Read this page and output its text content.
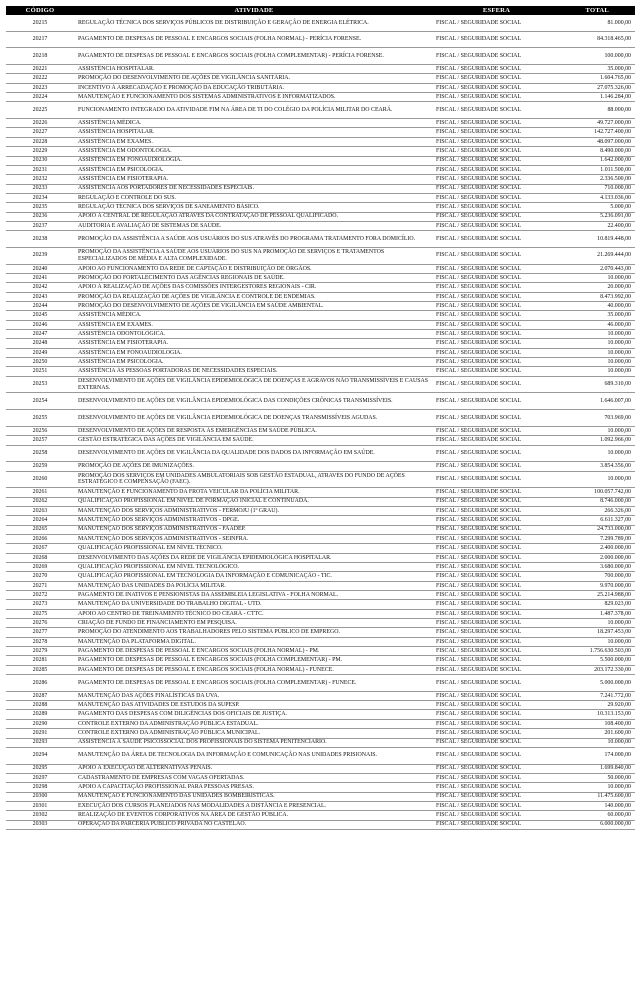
CÓDIGO	ATIVIDADE	ESFERA	TOTAL
20215	REGULAÇÃO TÉCNICA DOS SERVIÇOS PÚBLICOS DE DISTRIBUIÇÃO E GERAÇÃO DE ENERGIA ELÉTRICA.	FISCAL / SEGURIDADE SOCIAL	81.000,00
20217	PAGAMENTO DE DESPESAS DE PESSOAL E ENCARGOS SOCIAIS (FOLHA NORMAL) - PERÍCIA FORENSE.	FISCAL / SEGURIDADE SOCIAL	84.318.465,00
20218	PAGAMENTO DE DESPESAS DE PESSOAL E ENCARGOS SOCIAIS (FOLHA COMPLEMENTAR) - PERÍCIA FORENSE.	FISCAL / SEGURIDADE SOCIAL	100.000,00
20221	ASSISTÊNCIA HOSPITALAR.	FISCAL / SEGURIDADE SOCIAL	35.000,00
20222	PROMOÇÃO DO DESENVOLVIMENTO DE AÇÕES DE VIGILÂNCIA SANITÁRIA.	FISCAL / SEGURIDADE SOCIAL	1.604.765,00
20223	INCENTIVO À ARRECADAÇÃO E PROMOÇÃO DA EDUCAÇÃO TRIBUTÁRIA.	FISCAL / SEGURIDADE SOCIAL	27.075.326,00
20224	MANUTENÇÃO E FUNCIONAMENTO DOS SISTEMAS ADMINISTRATIVOS E INFORMATIZADOS.	FISCAL / SEGURIDADE SOCIAL	1.146.284,00
20225	FUNCIONAMENTO INTEGRADO DA ATIVIDADE FIM NA ÁREA DE TI DO COLÉGIO DA POLÍCIA MILITAR DO CEARÁ.	FISCAL / SEGURIDADE SOCIAL	88.000,00
20226	ASSISTÊNCIA MÉDICA.	FISCAL / SEGURIDADE SOCIAL	49.727.000,00
20227	ASSISTÊNCIA HOSPITALAR.	FISCAL / SEGURIDADE SOCIAL	142.727.400,00
20228	ASSISTÊNCIA EM EXAMES.	FISCAL / SEGURIDADE SOCIAL	48.097.000,00
20229	ASSISTÊNCIA EM ODONTOLOGIA.	FISCAL / SEGURIDADE SOCIAL	8.490.000,00
20230	ASSISTÊNCIA EM FONOAUDIOLOGIA.	FISCAL / SEGURIDADE SOCIAL	1.642.000,00
20231	ASSISTÊNCIA EM PSICOLOGIA.	FISCAL / SEGURIDADE SOCIAL	1.011.500,00
20232	ASSISTÊNCIA EM FISIOTERAPIA.	FISCAL / SEGURIDADE SOCIAL	2.336.500,00
20233	ASSISTÊNCIA AOS PORTADORES DE NECESSIDADES ESPECIAIS.	FISCAL / SEGURIDADE SOCIAL	710.000,00
20234	REGULAÇÃO E CONTROLE DO SUS.	FISCAL / SEGURIDADE SOCIAL	4.133.036,00
20235	REGULAÇÃO TÉCNICA DOS SERVIÇOS DE SANEAMENTO BÁSICO.	FISCAL / SEGURIDADE SOCIAL	5.000,00
20236	APOIO À CENTRAL DE REGULAÇÃO ATRAVÉS DA CONTRATAÇÃO DE PESSOAL QUALIFICADO.	FISCAL / SEGURIDADE SOCIAL	5.236.091,00
20237	AUDITORIA E AVALIAÇÃO DE SISTEMAS DE SAÚDE.	FISCAL / SEGURIDADE SOCIAL	22.400,00
20238	PROMOÇÃO DA ASSISTÊNCIA A SAÚDE AOS USUÁRIOS DO SUS ATRAVÉS DO PROGRAMA TRATAMENTO FORA DOMICÍLIO.	FISCAL / SEGURIDADE SOCIAL	10.819.448,00
20239	PROMOÇÃO DA ASSISTÊNCIA A SAÚDE AOS USUÁRIOS DO SUS NA PROMOÇÃO DE SERVIÇOS E TRATAMENTOS ESPECIALIZADOS DE MÉDIA E ALTA COMPLEXIDADE.	FISCAL / SEGURIDADE SOCIAL	21.269.444,00
20240	APOIO AO FUNCIONAMENTO DA REDE DE CAPTAÇÃO E DISTRIBUIÇÃO DE ÓRGÃOS.	FISCAL / SEGURIDADE SOCIAL	2.070.443,00
20241	PROMOÇÃO DO FORTALECIMENTO DAS AGÊNCIAS REGIONAIS DE SAÚDE.	FISCAL / SEGURIDADE SOCIAL	10.000,00
20242	APOIO À REALIZAÇÃO DE AÇÕES DAS COMISSÕES INTERGESTORES REGIONAIS - CIR.	FISCAL / SEGURIDADE SOCIAL	20.000,00
20243	PROMOÇÃO DA REALIZAÇÃO DE AÇÕES DE VIGILÂNCIA E CONTROLE DE ENDEMIAS.	FISCAL / SEGURIDADE SOCIAL	8.473.992,00
20244	PROMOÇÃO DO DESENVOLVIMENTO DE AÇÕES DE VIGILÂNCIA EM SAÚDE AMBIENTAL.	FISCAL / SEGURIDADE SOCIAL	40.000,00
20245	ASSISTÊNCIA MÉDICA.	FISCAL / SEGURIDADE SOCIAL	35.000,00
20246	ASSISTÊNCIA EM EXAMES.	FISCAL / SEGURIDADE SOCIAL	46.000,00
20247	ASSISTÊNCIA ODONTOLÓGICA.	FISCAL / SEGURIDADE SOCIAL	10.000,00
20248	ASSISTÊNCIA EM FISIOTERAPIA.	FISCAL / SEGURIDADE SOCIAL	10.000,00
20249	ASSISTÊNCIA EM FONOAUDIOLOGIA.	FISCAL / SEGURIDADE SOCIAL	10.000,00
20250	ASSISTÊNCIA EM PSICOLOGIA.	FISCAL / SEGURIDADE SOCIAL	10.000,00
20251	ASSISTÊNCIA ÀS PESSOAS PORTADORAS DE NECESSIDADES ESPECIAIS.	FISCAL / SEGURIDADE SOCIAL	10.000,00
20253	DESENVOLVIMENTO DE AÇÕES DE VIGILÂNCIA EPIDEMIOLÓGICA DE DOENÇAS E AGRAVOS NÃO TRANSMISSÍVEIS E CAUSAS EXTERNAS.	FISCAL / SEGURIDADE SOCIAL	689.310,00
20254	DESENVOLVIMENTO DE AÇÕES DE VIGILÂNCIA EPIDEMIOLÓGICA DAS CONDIÇÕES CRÔNICAS TRANSMISSÍVEIS.	FISCAL / SEGURIDADE SOCIAL	1.646.007,00
20255	DESENVOLVIMENTO DE AÇÕES DE VIGILÂNCIA EPIDEMIOLÓGICA DE DOENÇAS TRANSMISSÍVEIS AGUDAS.	FISCAL / SEGURIDADE SOCIAL	703.969,00
20256	DESENVOLVIMENTO DE AÇÕES DE RESPOSTA ÀS EMERGÊNCIAS EM SAÚDE PÚBLICA.	FISCAL / SEGURIDADE SOCIAL	10.000,00
20257	GESTÃO ESTRATÉGICA DAS AÇÕES DE VIGILÂNCIA EM SAÚDE.	FISCAL / SEGURIDADE SOCIAL	1.092.966,00
20258	DESENVOLVIMENTO DE AÇÕES DE VIGILÂNCIA DA QUALIDADE DOS DADOS DA INFORMAÇÃO EM SAÚDE.	FISCAL / SEGURIDADE SOCIAL	10.000,00
20259	PROMOÇÃO DE AÇÕES DE IMUNIZAÇÕES.	FISCAL / SEGURIDADE SOCIAL	3.854.356,00
20260	PROMOÇÃO DOS SERVIÇOS EM UNIDADES AMBULATORIAIS SOB GESTÃO ESTADUAL, ATRAVÉS DO FUNDO DE AÇÕES ESTRATÉGICO E COMPENSAÇÃO (FAEC).	FISCAL / SEGURIDADE SOCIAL	10.000,00
20261	MANUTENÇÃO E FUNCIONAMENTO DA FROTA VEICULAR DA POLÍCIA MILITAR.	FISCAL / SEGURIDADE SOCIAL	100.057.742,00
20262	QUALIFICAÇÃO PROFISSIONAL EM NÍVEL DE FORMAÇÃO INICIAL E CONTINUADA.	FISCAL / SEGURIDADE SOCIAL	8.746.000,00
20263	MANUTENÇÃO DOS SERVIÇOS ADMINISTRATIVOS - FERMOJU (1º GRAU).	FISCAL / SEGURIDADE SOCIAL	266.326,00
20264	MANUTENÇÃO DOS SERVIÇOS ADMINISTRATIVOS - DPGE.	FISCAL / SEGURIDADE SOCIAL	6.611.327,00
20265	MANUTENÇÃO DOS SERVIÇOS ADMINISTRATIVOS - FAADEP.	FISCAL / SEGURIDADE SOCIAL	24.733.000,00
20266	MANUTENÇÃO DOS SERVIÇOS ADMINISTRATIVOS - SEINFRA.	FISCAL / SEGURIDADE SOCIAL	7.299.789,00
20267	QUALIFICAÇÃO PROFISSIONAL EM NÍVEL TÉCNICO.	FISCAL / SEGURIDADE SOCIAL	2.400.000,00
20268	DESENVOLVIMENTO DAS AÇÕES DA REDE DE VIGILÂNCIA EPIDEMIOLÓGICA HOSPITALAR.	FISCAL / SEGURIDADE SOCIAL	2.000.000,00
20269	QUALIFICAÇÃO PROFISSIONAL EM NÍVEL TECNOLÓGICO.	FISCAL / SEGURIDADE SOCIAL	3.680.000,00
20270	QUALIFICAÇÃO PROFISSIONAL EM TECNOLOGIA DA INFORMAÇÃO E COMUNICAÇÃO - TIC.	FISCAL / SEGURIDADE SOCIAL	700.000,00
20271	MANUTENÇÃO DAS UNIDADES DA POLÍCIA MILITAR.	FISCAL / SEGURIDADE SOCIAL	9.970.000,00
20272	PAGAMENTO DE INATIVOS E PENSIONISTAS DA ASSEMBLEIA LEGISLATIVA - FOLHA NORMAL.	FISCAL / SEGURIDADE SOCIAL	25.214.988,00
20273	MANUTENÇÃO DA UNIVERSIDADE DO TRABALHO DIGITAL - UTD.	FISCAL / SEGURIDADE SOCIAL	829.023,00
20275	APOIO AO CENTRO DE TREINAMENTO TÉCNICO DO CEARÁ - CTTC.	FISCAL / SEGURIDADE SOCIAL	1.487.378,00
20276	CRIAÇÃO DE FUNDO DE FINANCIAMENTO EM PESQUISA.	FISCAL / SEGURIDADE SOCIAL	10.000,00
20277	PROMOÇÃO DO ATENDIMENTO AOS TRABALHADORES PELO SISTEMA PÚBLICO DE EMPREGO.	FISCAL / SEGURIDADE SOCIAL	18.297.453,00
20278	MANUTENÇÃO DA PLATAFORMA DIGITAL.	FISCAL / SEGURIDADE SOCIAL	10.000,00
20279	PAGAMENTO DE DESPESAS DE PESSOAL E ENCARGOS SOCIAIS (FOLHA NORMAL) - PM.	FISCAL / SEGURIDADE SOCIAL	1.756.630.503,00
20281	PAGAMENTO DE DESPESAS DE PESSOAL E ENCARGOS SOCIAIS (FOLHA COMPLEMENTAR) - PM.	FISCAL / SEGURIDADE SOCIAL	5.500.000,00
20285	PAGAMENTO DE DESPESAS DE PESSOAL E ENCARGOS SOCIAIS (FOLHA NORMAL) - FUNECE.	FISCAL / SEGURIDADE SOCIAL	203.172.330,00
20286	PAGAMENTO DE DESPESAS DE PESSOAL E ENCARGOS SOCIAIS (FOLHA COMPLEMENTAR) - FUNECE.	FISCAL / SEGURIDADE SOCIAL	5.000.000,00
20287	MANUTENÇÃO DAS AÇÕES FINALÍSTICAS DA UVA.	FISCAL / SEGURIDADE SOCIAL	7.241.772,00
20288	MANUTENÇÃO DAS ATIVIDADES DE ESTUDOS DA SUPESP.	FISCAL / SEGURIDADE SOCIAL	29.920,00
20289	PAGAMENTO DAS DESPESAS COM DILIGÊNCIAS DOS OFICIAIS DE JUSTIÇA.	FISCAL / SEGURIDADE SOCIAL	10.313.153,00
20290	CONTROLE EXTERNO DA ADMINISTRAÇÃO PÚBLICA ESTADUAL.	FISCAL / SEGURIDADE SOCIAL	108.400,00
20291	CONTROLE EXTERNO DA ADMINISTRAÇÃO PÚBLICA MUNICIPAL.	FISCAL / SEGURIDADE SOCIAL	201.600,00
20293	ASSISTÊNCIA À SAÚDE PSICOSSOCIAL DOS PROFISSIONAIS DO SISTEMA PENITENCIÁRIO.	FISCAL / SEGURIDADE SOCIAL	10.000,00
20294	MANUTENÇÃO DA ÁREA DE TECNOLOGIA DA INFORMAÇÃO E COMUNICAÇÃO NAS UNIDADES PRISIONAIS.	FISCAL / SEGURIDADE SOCIAL	174.000,00
20295	APOIO À EXECUÇÃO DE ALTERNATIVAS PENAIS.	FISCAL / SEGURIDADE SOCIAL	1.699.840,00
20297	CADASTRAMENTO DE EMPRESAS COM VAGAS OFERTADAS.	FISCAL / SEGURIDADE SOCIAL	50.000,00
20298	APOIO A CAPACITAÇÃO PROFISSIONAL PARA PESSOAS PRESAS.	FISCAL / SEGURIDADE SOCIAL	10.000,00
20300	MANUTENÇÃO E FUNCIONAMENTO DAS UNIDADES BOMBEIRÍSTICAS.	FISCAL / SEGURIDADE SOCIAL	11.475.600,00
20301	EXECUÇÃO DOS CURSOS PLANEJADOS NAS MODALIDADES A DISTÂNCIA E PRESENCIAL.	FISCAL / SEGURIDADE SOCIAL	140.000,00
20302	REALIZAÇÃO DE EVENTOS CORPORATIVOS NA ÁREA DE GESTÃO PÚBLICA.	FISCAL / SEGURIDADE SOCIAL	60.000,00
20303	OPERAÇÃO DA PARCERIA PÚBLICO PRIVADA NO CASTELÃO.	FISCAL / SEGURIDADE SOCIAL	6.000.000,00
